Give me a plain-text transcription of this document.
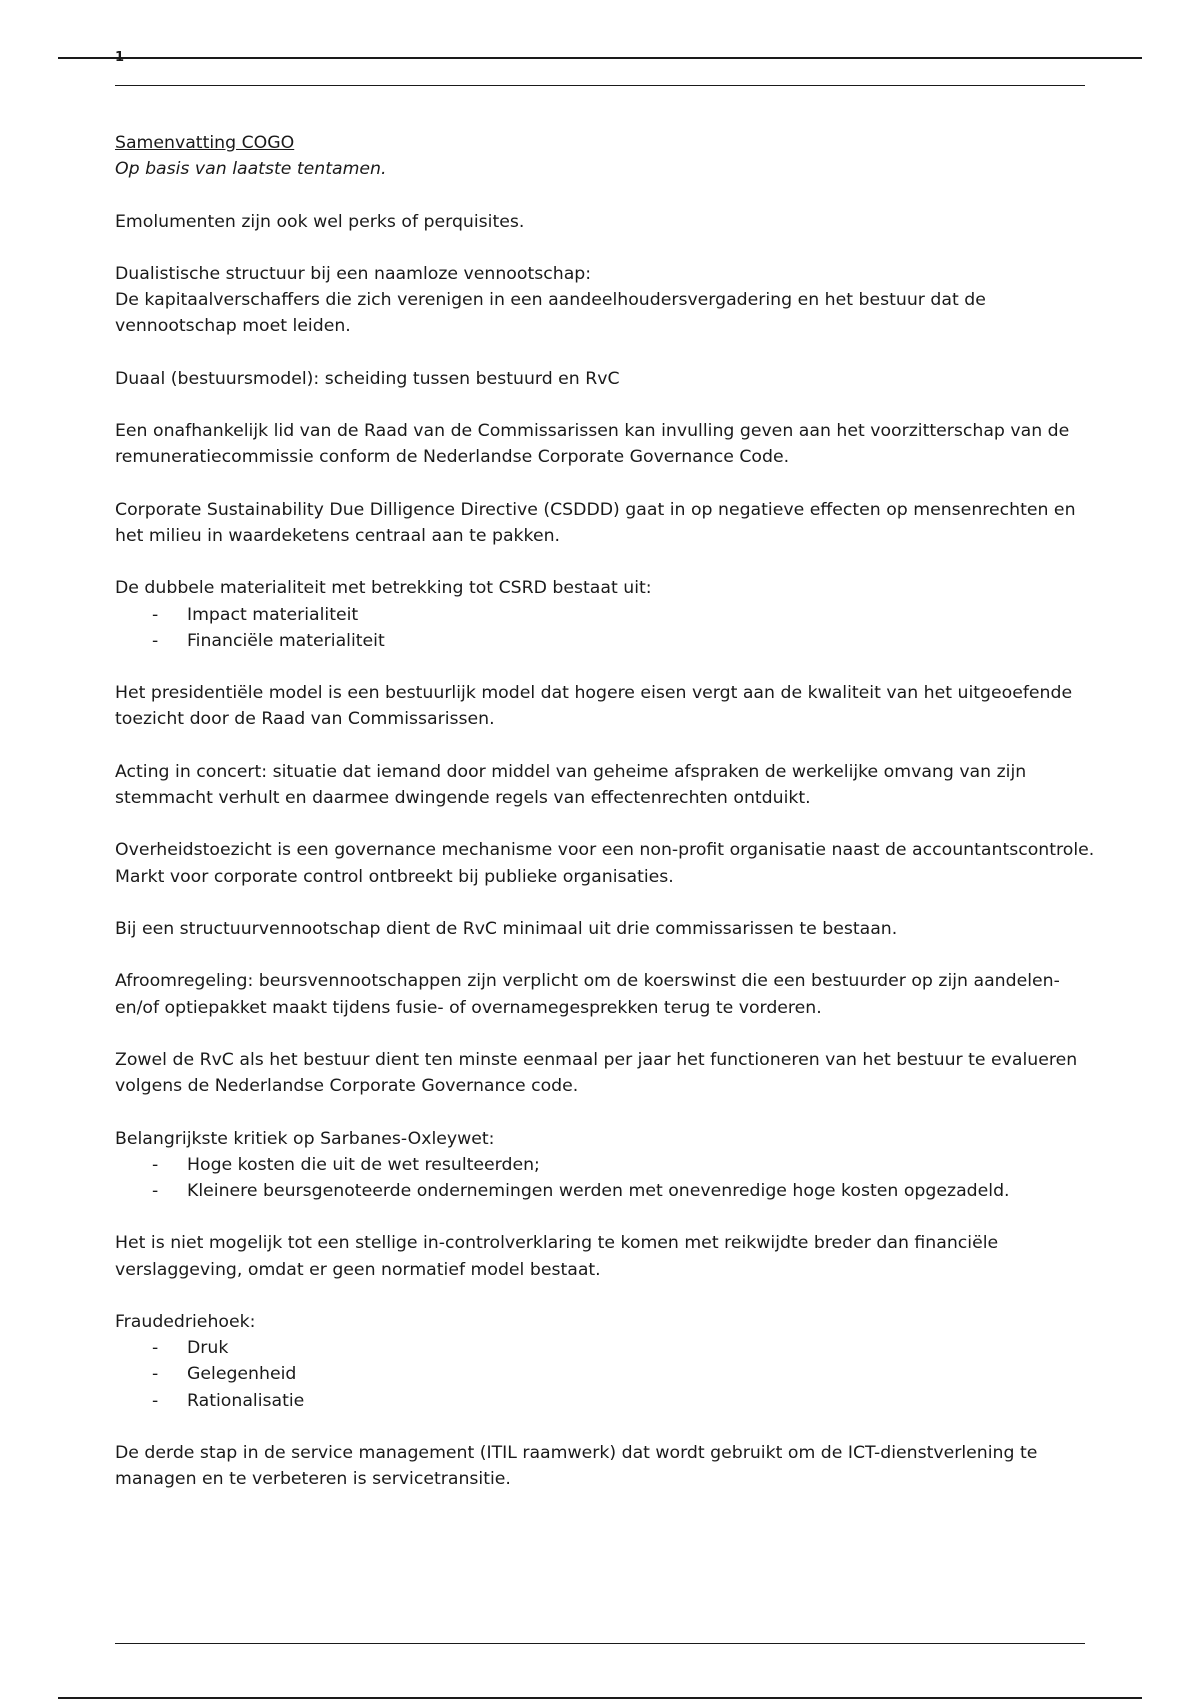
1

Samenvatting COGO

Op basis van laatste tentamen.

Emolumenten zijn ook wel perks of perquisites.

Dualistische structuur bij een naamloze vennootschap:

De kapitaalverschaffers die zich verenigen in een aandeelhoudersvergadering en het bestuur dat de vennootschap moet leiden.

Duaal (bestuursmodel): scheiding tussen bestuurd en RvC

Een onafhankelijk lid van de Raad van de Commissarissen kan invulling geven aan het voorzitterschap van de remuneratiecommissie conform de Nederlandse Corporate Governance Code.

Corporate Sustainability Due Dilligence Directive (CSDDD) gaat in op negatieve effecten op mensenrechten en het milieu in waardeketens centraal aan te pakken.

De dubbele materialiteit met betrekking tot CSRD bestaat uit:

- Impact materialiteit
- Financiële materialiteit

Het presidentiële model is een bestuurlijk model dat hogere eisen vergt aan de kwaliteit van het uitgeoefende toezicht door de Raad van Commissarissen.

Acting in concert: situatie dat iemand door middel van geheime afspraken de werkelijke omvang van zijn stemmacht verhult en daarmee dwingende regels van effectenrechten ontduikt.

Overheidstoezicht is een governance mechanisme voor een non-profit organisatie naast de accountantscontrole.

Markt voor corporate control ontbreekt bij publieke organisaties.

Bij een structuurvennootschap dient de RvC minimaal uit drie commissarissen te bestaan.

Afroomregeling: beursvennootschappen zijn verplicht om de koerswinst die een bestuurder op zijn aandelen- en/of optiepakket maakt tijdens fusie- of overnamegesprekken terug te vorderen.

Zowel de RvC als het bestuur dient ten minste eenmaal per jaar het functioneren van het bestuur te evalueren volgens de Nederlandse Corporate Governance code.

Belangrijkste kritiek op Sarbanes-Oxleywet:

- Hoge kosten die uit de wet resulteerden;
- Kleinere beursgenoteerde ondernemingen werden met onevenredige hoge kosten opgezadeld.

Het is niet mogelijk tot een stellige in-controlverklaring te komen met reikwijdte breder dan financiële verslaggeving, omdat er geen normatief model bestaat.

Fraudedriehoek:

- Druk
- Gelegenheid
- Rationalisatie

De derde stap in de service management (ITIL raamwerk) dat wordt gebruikt om de ICT-dienstverlening te managen en te verbeteren is servicetransitie.
